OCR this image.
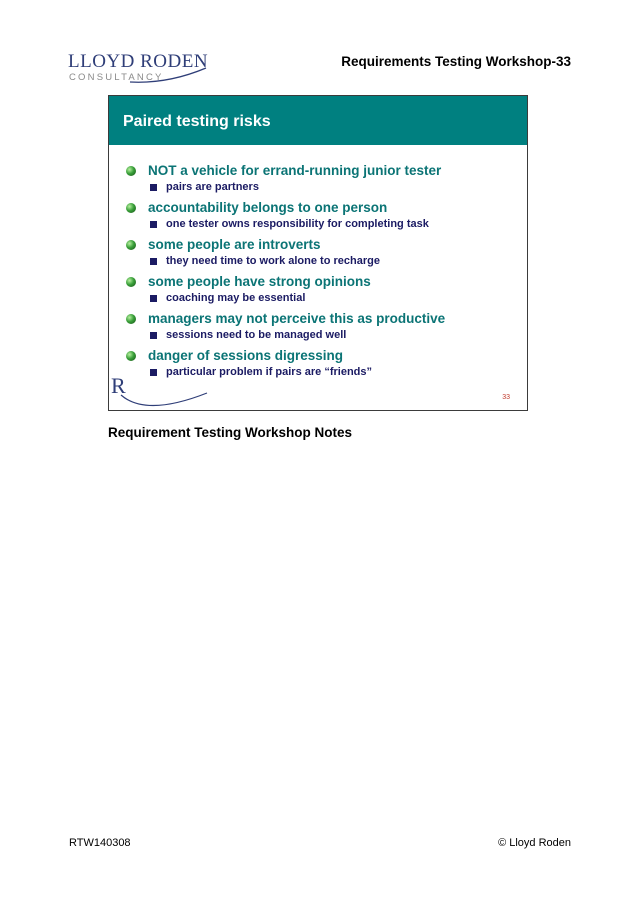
LLOYD RODEN
CONSULTANCY
Requirements Testing Workshop-33
Paired testing risks
NOT a vehicle for errand-running junior tester
pairs are partners
accountability belongs to one person
one tester owns responsibility for completing task
some people are introverts
they need time to work alone to recharge
some people have strong opinions
coaching may be essential
managers may not perceive this as productive
sessions need to be managed well
danger of sessions digressing
particular problem if pairs are “friends”
R	33
Requirement Testing Workshop Notes
RTW140308	© Lloyd Roden
